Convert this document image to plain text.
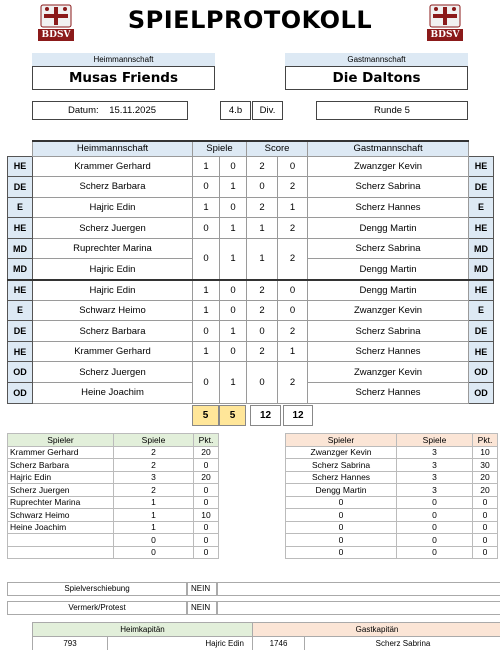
BDSV	BDSV
SPIELPROTOKOLL
Heimmannschaft
Musas Friends
Gastmannschaft
Die Daltons
Datum: 15.11.2025	4.b	Div.	Runde 5
	Heimmannschaft	Spiele		Score		Gastmannschaft	
HE	Krammer Gerhard	1	0	2	0	Zwanzger Kevin	HE
DE	Scherz Barbara	0	1	0	2	Scherz Sabrina	DE
E	Hajric Edin	1	0	2	1	Scherz Hannes	E
HE	Scherz Juergen	0	1	1	2	Dengg Martin	HE
MD	Ruprechter Marina	0	1	1	2	Scherz Sabrina	MD
MD	Hajric Edin					Dengg Martin	MD
HE	Hajric Edin	1	0	2	0	Dengg Martin	HE
E	Schwarz Heimo	1	0	2	0	Zwanzger Kevin	E
DE	Scherz Barbara	0	1	0	2	Scherz Sabrina	DE
HE	Krammer Gerhard	1	0	2	1	Scherz Hannes	HE
OD	Scherz Juergen	0	1	0	2	Zwanzger Kevin	OD
OD	Heine Joachim					Scherz Hannes	OD
5	5	12	12
Spieler	Spiele	Pkt.
Krammer Gerhard	2	20
Scherz Barbara	2	0
Hajric Edin	3	20
Scherz Juergen	2	0
Ruprechter Marina	1	0
Schwarz Heimo	1	10
Heine Joachim	1	0
	0	0
	0	0
Spieler	Spiele	Pkt.
Zwanzger Kevin	3	10
Scherz Sabrina	3	30
Scherz Hannes	3	20
Dengg Martin	3	20
0	0	0
0	0	0
0	0	0
0	0	0
0	0	0
Spielverschiebung	NEIN
Vermerk/Protest	NEIN
Heimkapitän		Gastkapitän	
793	Hajric Edin	1746	Scherz Sabrina
